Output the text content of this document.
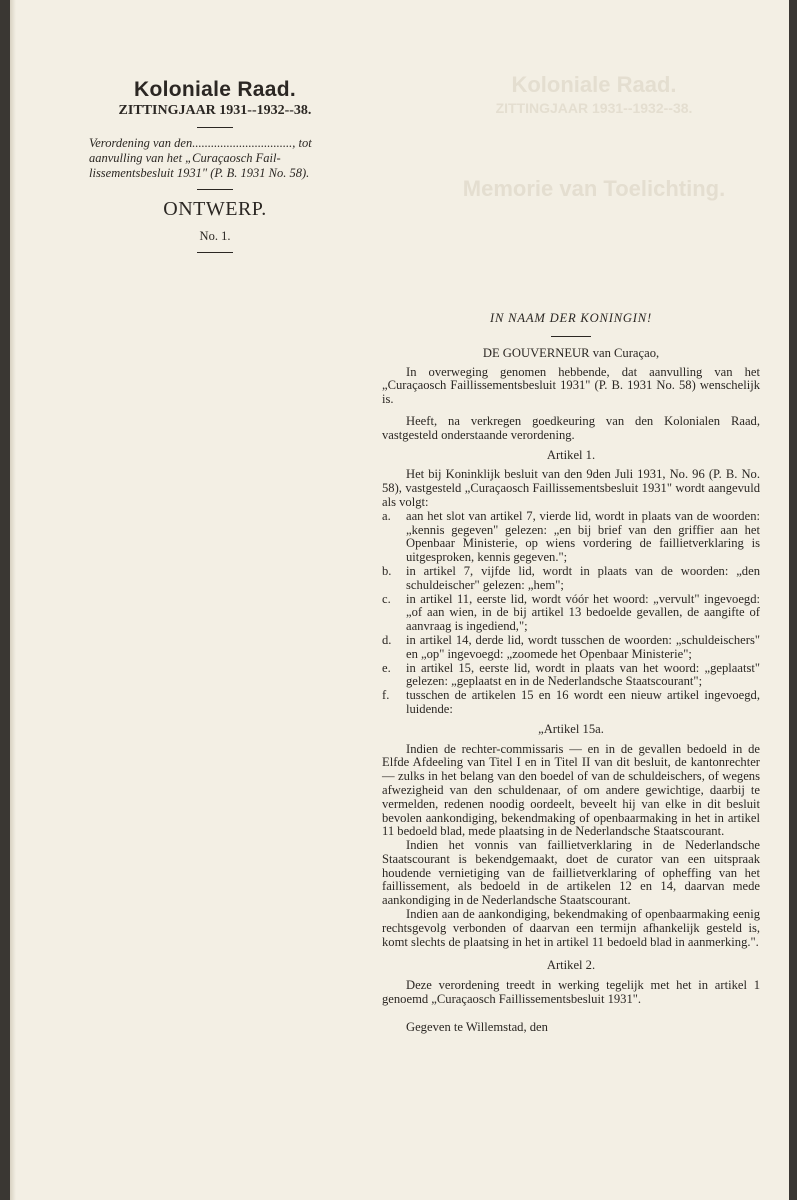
Koloniale Raad.
ZITTINGJAAR 1931--1932--38.
Memorie van Toelichting.
Koloniale Raad.
ZITTINGJAAR 1931--1932--38.
Verordening van den................................, tot aanvulling van het „Curaçaosch Fail-lissementsbesluit 1931" (P. B. 1931 No. 58).
ONTWERP.
No. 1.
IN NAAM DER KONINGIN!
DE GOUVERNEUR van Curaçao,
In overweging genomen hebbende, dat aanvulling van het „Curaçaosch Faillissementsbesluit 1931" (P. B. 1931 No. 58) wenschelijk is.
Heeft, na verkregen goedkeuring van den Kolonialen Raad, vastgesteld onderstaande verordening.
Artikel 1.
Het bij Koninklijk besluit van den 9den Juli 1931, No. 96 (P. B. No. 58), vastgesteld „Curaçaosch Faillissementsbesluit 1931" wordt aangevuld als volgt:
a.	aan het slot van artikel 7, vierde lid, wordt in plaats van de woorden: „kennis gegeven" gelezen: „en bij brief van den griffier aan het Openbaar Ministerie, op wiens vordering de faillietverklaring is uitgesproken, kennis gegeven.";
b.	in artikel 7, vijfde lid, wordt in plaats van de woorden: „den schuldeischer" gelezen: „hem";
c.	in artikel 11, eerste lid, wordt vóór het woord: „vervult" ingevoegd: „of aan wien, in de bij artikel 13 bedoelde gevallen, de aangifte of aanvraag is ingediend,";
d.	in artikel 14, derde lid, wordt tusschen de woorden: „schuldeischers" en „op" ingevoegd: „zoomede het Openbaar Ministerie";
e.	in artikel 15, eerste lid, wordt in plaats van het woord: „geplaatst" gelezen: „geplaatst en in de Nederlandsche Staatscourant";
f.	tusschen de artikelen 15 en 16 wordt een nieuw artikel ingevoegd, luidende:
„Artikel 15a.
Indien de rechter-commissaris — en in de gevallen bedoeld in de Elfde Afdeeling van Titel I en in Titel II van dit besluit, de kantonrechter — zulks in het belang van den boedel of van de schuldeischers, of wegens afwezigheid van den schuldenaar, of om andere gewichtige, daarbij te vermelden, redenen noodig oordeelt, beveelt hij van elke in dit besluit bevolen aankondiging, bekendmaking of openbaarmaking in het in artikel 11 bedoeld blad, mede plaatsing in de Nederlandsche Staatscourant.
Indien het vonnis van faillietverklaring in de Nederlandsche Staatscourant is bekendgemaakt, doet de curator van een uitspraak houdende vernietiging van de faillietverklaring of opheffing van het faillissement, als bedoeld in de artikelen 12 en 14, daarvan mede aankondiging in de Nederlandsche Staatscourant.
Indien aan de aankondiging, bekendmaking of openbaarmaking eenig rechtsgevolg verbonden of daarvan een termijn afhankelijk gesteld is, komt slechts de plaatsing in het in artikel 11 bedoeld blad in aanmerking.".
Artikel 2.
Deze verordening treedt in werking tegelijk met het in artikel 1 genoemd „Curaçaosch Faillissementsbesluit 1931".
Gegeven te Willemstad, den
